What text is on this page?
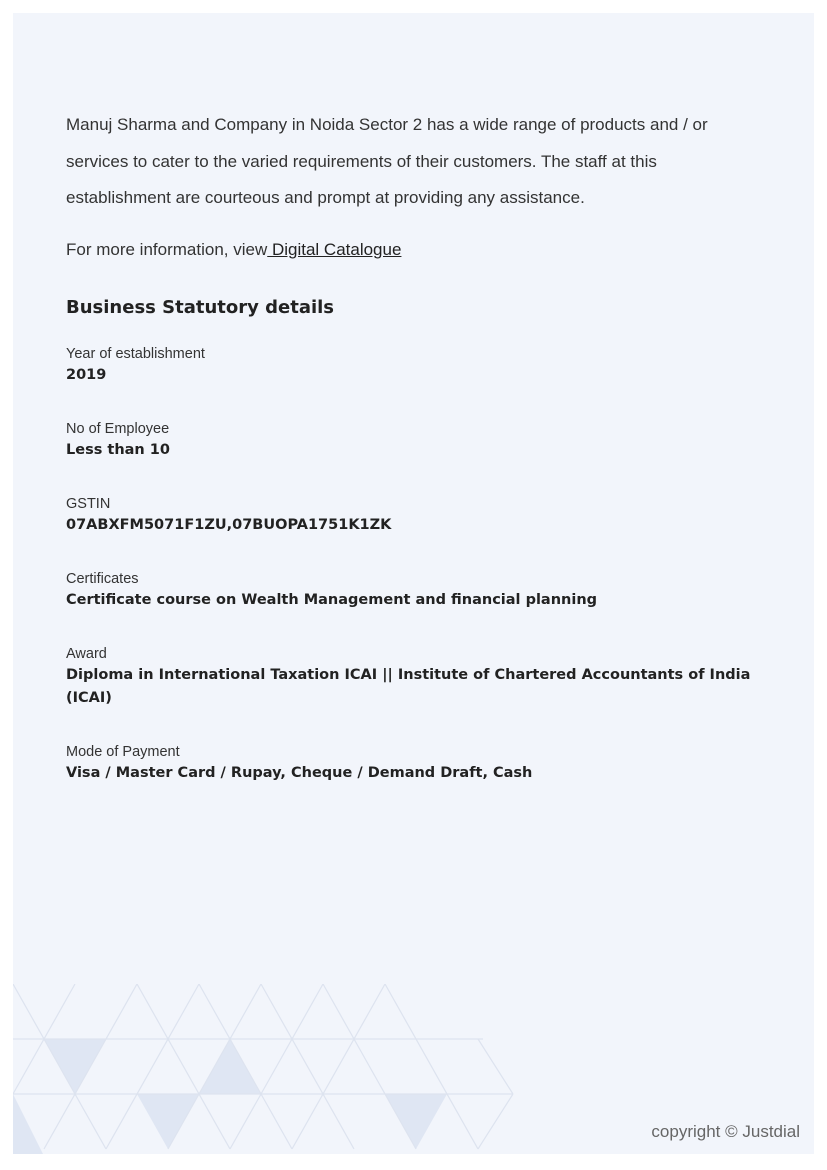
Manuj Sharma and Company in Noida Sector 2 has a wide range of products and / or services to cater to the varied requirements of their customers. The staff at this establishment are courteous and prompt at providing any assistance.

For more information, view Digital Catalogue

Business Statutory details
Year of establishment
2019
No of Employee
Less than 10
GSTIN
07ABXFM5071F1ZU,07BUOPA1751K1ZK
Certificates
Certificate course on Wealth Management and financial planning
Award
Diploma in International Taxation ICAI || Institute of Chartered Accountants of India (ICAI)
Mode of Payment
Visa / Master Card / Rupay, Cheque / Demand Draft, Cash
copyright © Justdial
